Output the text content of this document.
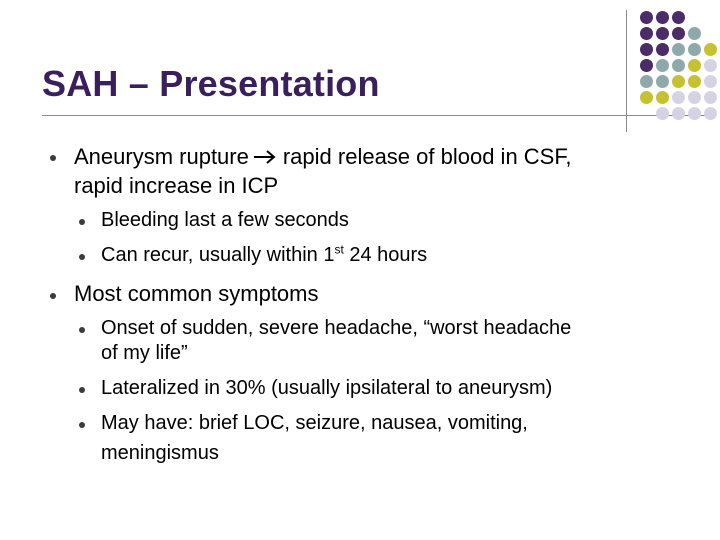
SAH – Presentation
Aneurysm rupture rapid release of blood in CSF,
rapid increase in ICP
Bleeding last a few seconds
Can recur, usually within 1st 24 hours
Most common symptoms
Onset of sudden, severe headache, “worst headache
of my life”
Lateralized in 30% (usually ipsilateral to aneurysm)
May have: brief LOC, seizure, nausea, vomiting,
meningismus
